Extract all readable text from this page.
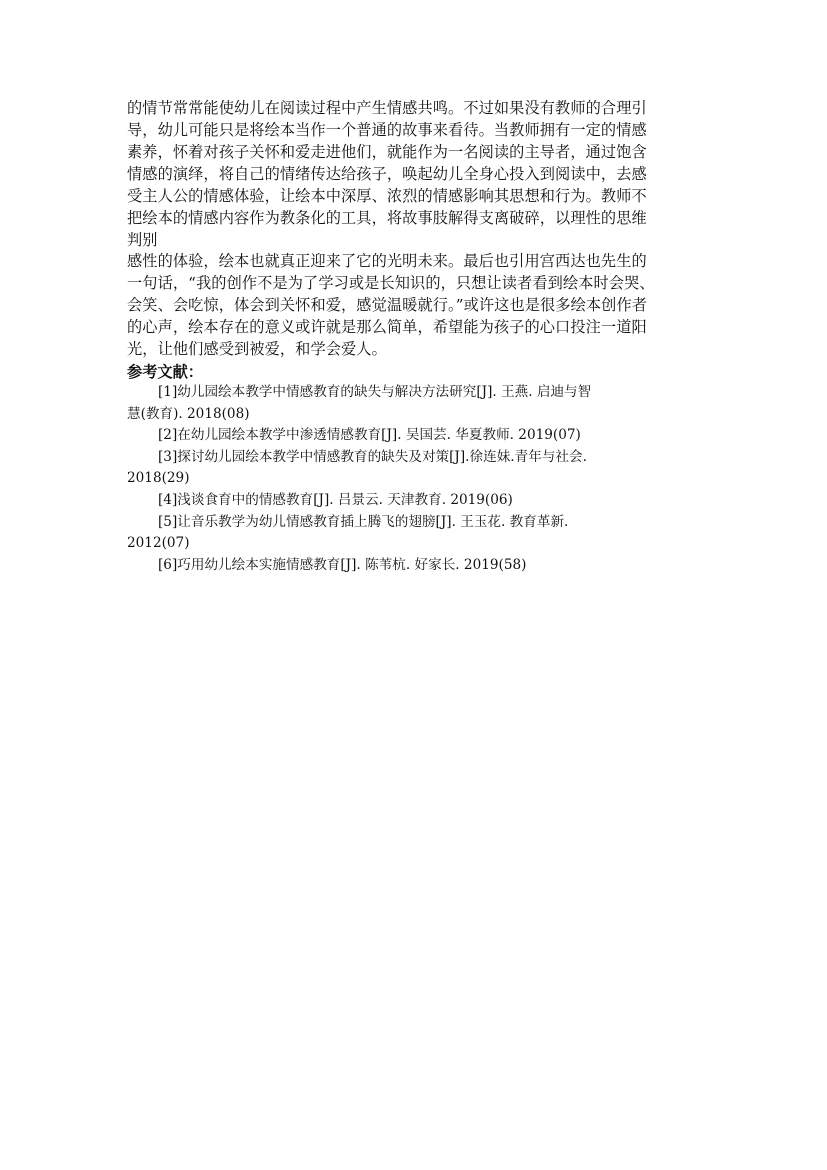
的情节常常能使幼儿在阅读过程中产生情感共鸣。不过如果没有教师的合理引
导，幼儿可能只是将绘本当作一个普通的故事来看待。当教师拥有一定的情感
素养，怀着对孩子关怀和爱走进他们，就能作为一名阅读的主导者，通过饱含
情感的演绎，将自己的情绪传达给孩子，唤起幼儿全身心投入到阅读中，去感
受主人公的情感体验，让绘本中深厚、浓烈的情感影响其思想和行为。教师不
把绘本的情感内容作为教条化的工具，将故事肢解得支离破碎，以理性的思维
判别
感性的体验，绘本也就真正迎来了它的光明未来。最后也引用宫西达也先生的
一句话，“我的创作不是为了学习或是长知识的，只想让读者看到绘本时会哭、
会笑、会吃惊，体会到关怀和爱，感觉温暖就行。”或许这也是很多绘本创作者
的心声，绘本存在的意义或许就是那么简单，希望能为孩子的心口投注一道阳
光，让他们感受到被爱，和学会爱人。
参考文献：
[1]幼儿园绘本教学中情感教育的缺失与解决方法研究[J]. 王燕. 启迪与智
慧(教育). 2018(08)
[2]在幼儿园绘本教学中渗透情感教育[J]. 吴国芸. 华夏教师. 2019(07)
[3]探讨幼儿园绘本教学中情感教育的缺失及对策[J].徐连妹.青年与社会.
2018(29)
[4]浅谈食育中的情感教育[J]. 吕景云. 天津教育. 2019(06)
[5]让音乐教学为幼儿情感教育插上腾飞的翅膀[J]. 王玉花. 教育革新.
2012(07)
[6]巧用幼儿绘本实施情感教育[J]. 陈苇杭. 好家长. 2019(58)
